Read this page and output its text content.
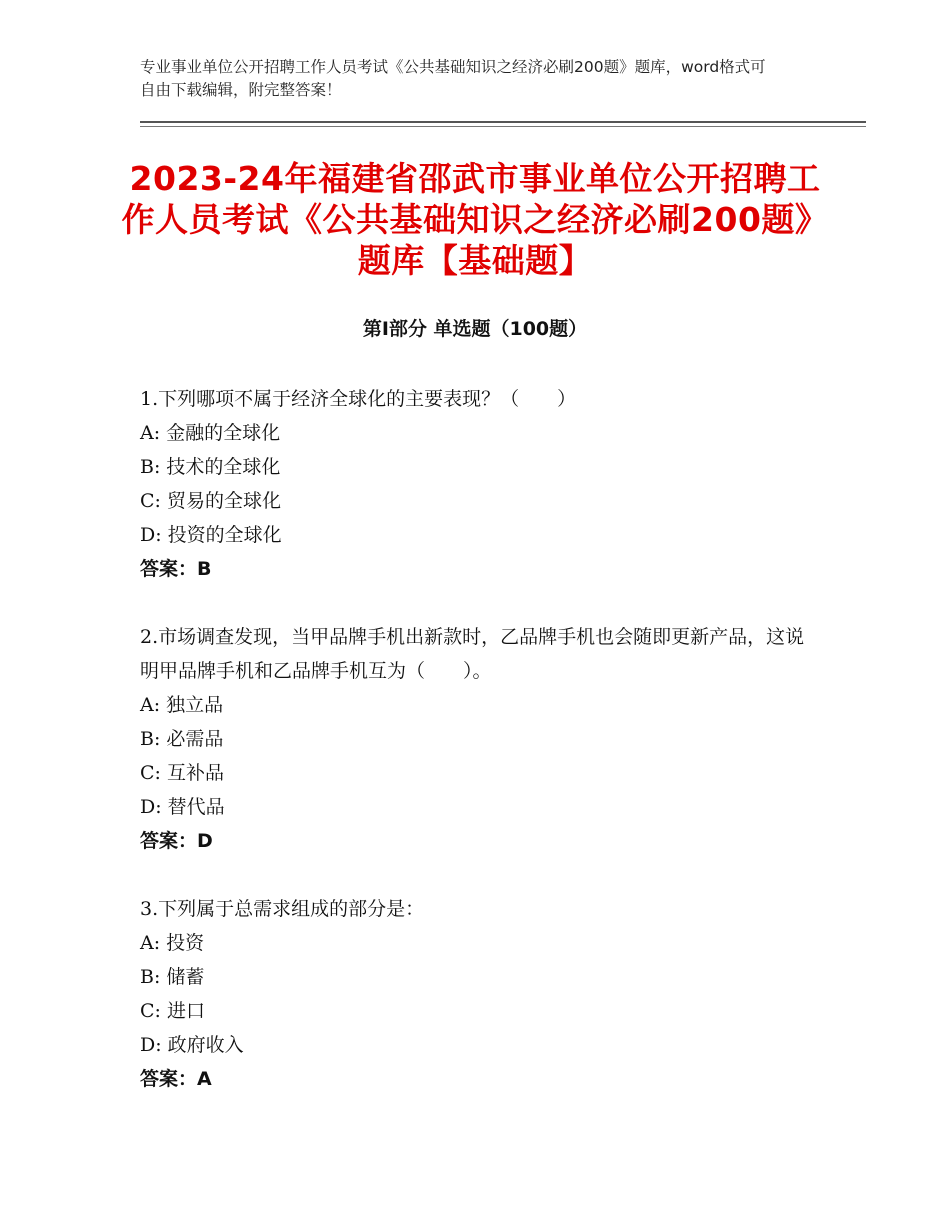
专业事业单位公开招聘工作人员考试《公共基础知识之经济必刷200题》题库，word格式可自由下载编辑，附完整答案！
2023-24年福建省邵武市事业单位公开招聘工作人员考试《公共基础知识之经济必刷200题》题库【基础题】
第Ⅰ部分 单选题（100题）

1.下列哪项不属于经济全球化的主要表现？（　　）

A: 金融的全球化

B: 技术的全球化

C: 贸易的全球化

D: 投资的全球化

答案：B

2.市场调查发现，当甲品牌手机出新款时，乙品牌手机也会随即更新产品，这说明甲品牌手机和乙品牌手机互为（　　）。

A: 独立品

B: 必需品

C: 互补品

D: 替代品

答案：D

3.下列属于总需求组成的部分是：

A: 投资

B: 储蓄

C: 进口

D: 政府收入

答案：A
